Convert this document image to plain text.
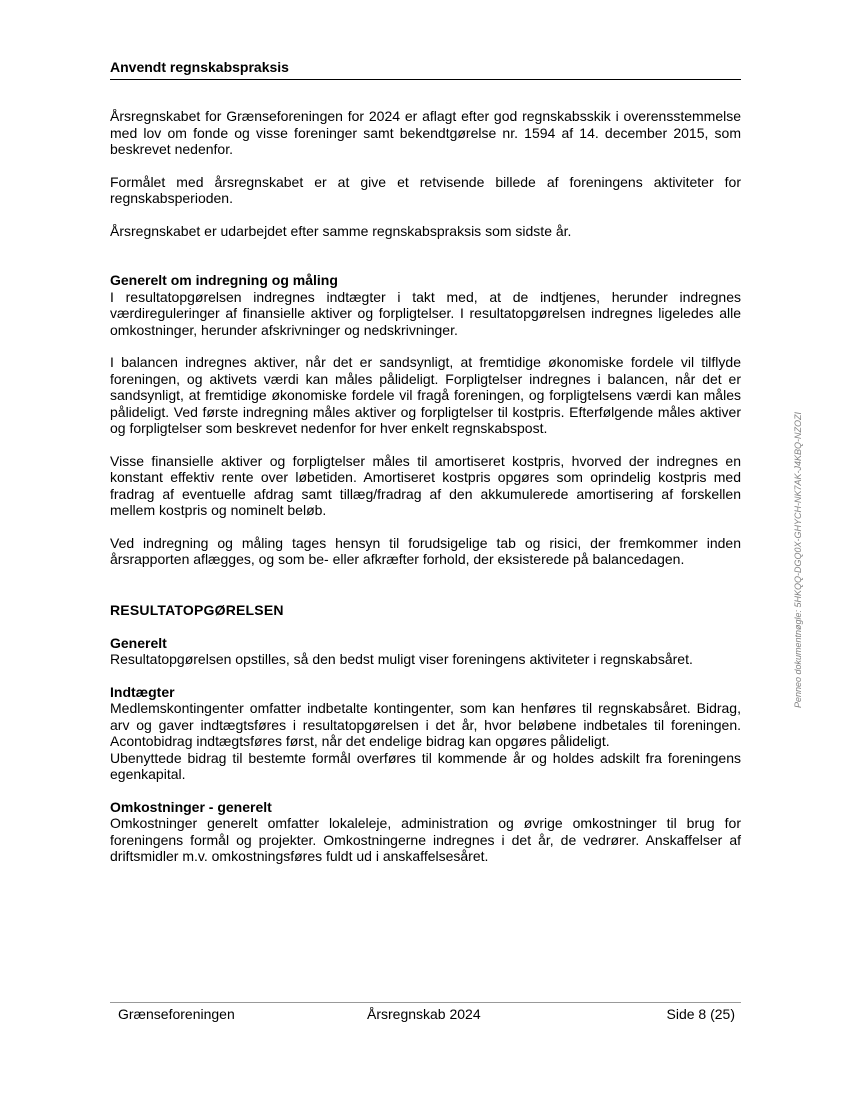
Anvendt regnskabspraksis

Årsregnskabet for Grænseforeningen for 2024 er aflagt efter god regnskabsskik i overensstemmelse med lov om fonde og visse foreninger samt bekendtgørelse nr. 1594 af 14. december 2015, som beskrevet nedenfor.

Formålet med årsregnskabet er at give et retvisende billede af foreningens aktiviteter for regnskabsperioden.

Årsregnskabet er udarbejdet efter samme regnskabspraksis som sidste år.

Generelt om indregning og måling

I resultatopgørelsen indregnes indtægter i takt med, at de indtjenes, herunder indregnes værdireguleringer af finansielle aktiver og forpligtelser. I resultatopgørelsen indregnes ligeledes alle omkostninger, herunder afskrivninger og nedskrivninger.

I balancen indregnes aktiver, når det er sandsynligt, at fremtidige økonomiske fordele vil tilflyde foreningen, og aktivets værdi kan måles pålideligt. Forpligtelser indregnes i balancen, når det er sandsynligt, at fremtidige økonomiske fordele vil fragå foreningen, og forpligtelsens værdi kan måles pålideligt. Ved første indregning måles aktiver og forpligtelser til kostpris. Efterfølgende måles aktiver og forpligtelser som beskrevet nedenfor for hver enkelt regnskabspost.

Visse finansielle aktiver og forpligtelser måles til amortiseret kostpris, hvorved der indregnes en konstant effektiv rente over løbetiden. Amortiseret kostpris opgøres som oprindelig kostpris med fradrag af eventuelle afdrag samt tillæg/fradrag af den akkumulerede amortisering af forskellen mellem kostpris og nominelt beløb.

Ved indregning og måling tages hensyn til forudsigelige tab og risici, der fremkommer inden årsrapporten aflægges, og som be- eller afkræfter forhold, der eksisterede på balancedagen.

RESULTATOPGØRELSEN
Generelt

Resultatopgørelsen opstilles, så den bedst muligt viser foreningens aktiviteter i regnskabsåret.

Indtægter

Medlemskontingenter omfatter indbetalte kontingenter, som kan henføres til regnskabsåret. Bidrag, arv og gaver indtægtsføres i resultatopgørelsen i det år, hvor beløbene indbetales til foreningen. Acontobidrag indtægtsføres først, når det endelige bidrag kan opgøres pålideligt.

Ubenyttede bidrag til bestemte formål overføres til kommende år og holdes adskilt fra foreningens egenkapital.

Omkostninger - generelt

Omkostninger generelt omfatter lokaleleje, administration og øvrige omkostninger til brug for foreningens formål og projekter. Omkostningerne indregnes i det år, de vedrører. Anskaffelser af driftsmidler m.v. omkostningsføres fuldt ud i anskaffelsesåret.

Grænseforeningen	Årsregnskab 2024	Side 8 (25)
Penneo dokumentnøgle: 5HKQQ-DGQ0X-GHYCH-NK7AK-J4KBQ-NZOZI
